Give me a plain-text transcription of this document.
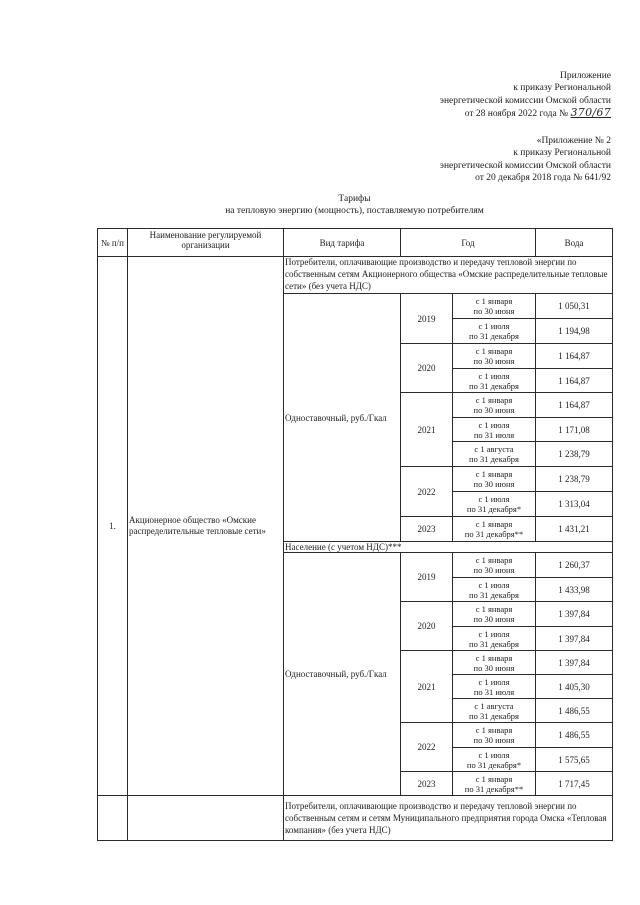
Приложение
к приказу Региональной
энергетической комиссии Омской области
от 28 ноября 2022 года № 370/67
«Приложение № 2
к приказу Региональной
энергетической комиссии Омской области
от 20 декабря 2018 года № 641/92
Тарифы
на тепловую энергию (мощность), поставляемую потребителям
№ п/п	Наименование регулируемой организации	Вид тарифа	Год		Вода
1.	Акционерное общество «Омские распределительные тепловые сети»	Потребители, оплачивающие производство и передачу тепловой энергии по собственным сетям Акционерного общества «Омские распределительные тепловые сети» (без учета НДС)			
		Одноставочный, руб./Гкал	2019	с 1 января
по 30 июня	1 050,31

				с 1 июля
по 31 декабря	1 194,98
			2020	с 1 января
по 30 июня	1 164,87

				с 1 июля
по 31 декабря	1 164,87
			2021	с 1 января
по 30 июня	1 164,87

				с 1 июля
по 31 июля	1 171,08

				с 1 августа
по 31 декабря	1 238,79
			2022	с 1 января
по 30 июня	1 238,79

				с 1 июля
по 31 декабря*	1 313,04
			2023	с 1 января
по 31 декабря**	1 431,21
		Население (с учетом НДС)***			
		Одноставочный, руб./Гкал	2019	с 1 января
по 30 июня	1 260,37

				с 1 июля
по 31 декабря	1 433,98
			2020	с 1 января
по 30 июня	1 397,84

				с 1 июля
по 31 декабря	1 397,84
			2021	с 1 января
по 30 июня	1 397,84

				с 1 июля
по 31 июля	1 405,30

				с 1 августа
по 31 декабря	1 486,55
			2022	с 1 января
по 30 июня	1 486,55

				с 1 июля
по 31 декабря*	1 575,65
			2023	с 1 января
по 31 декабря**	1 717,45
		Потребители, оплачивающие производство и передачу тепловой энергии по собственным сетям и сетям Муниципального предприятия города Омска «Тепловая компания» (без учета НДС)			
